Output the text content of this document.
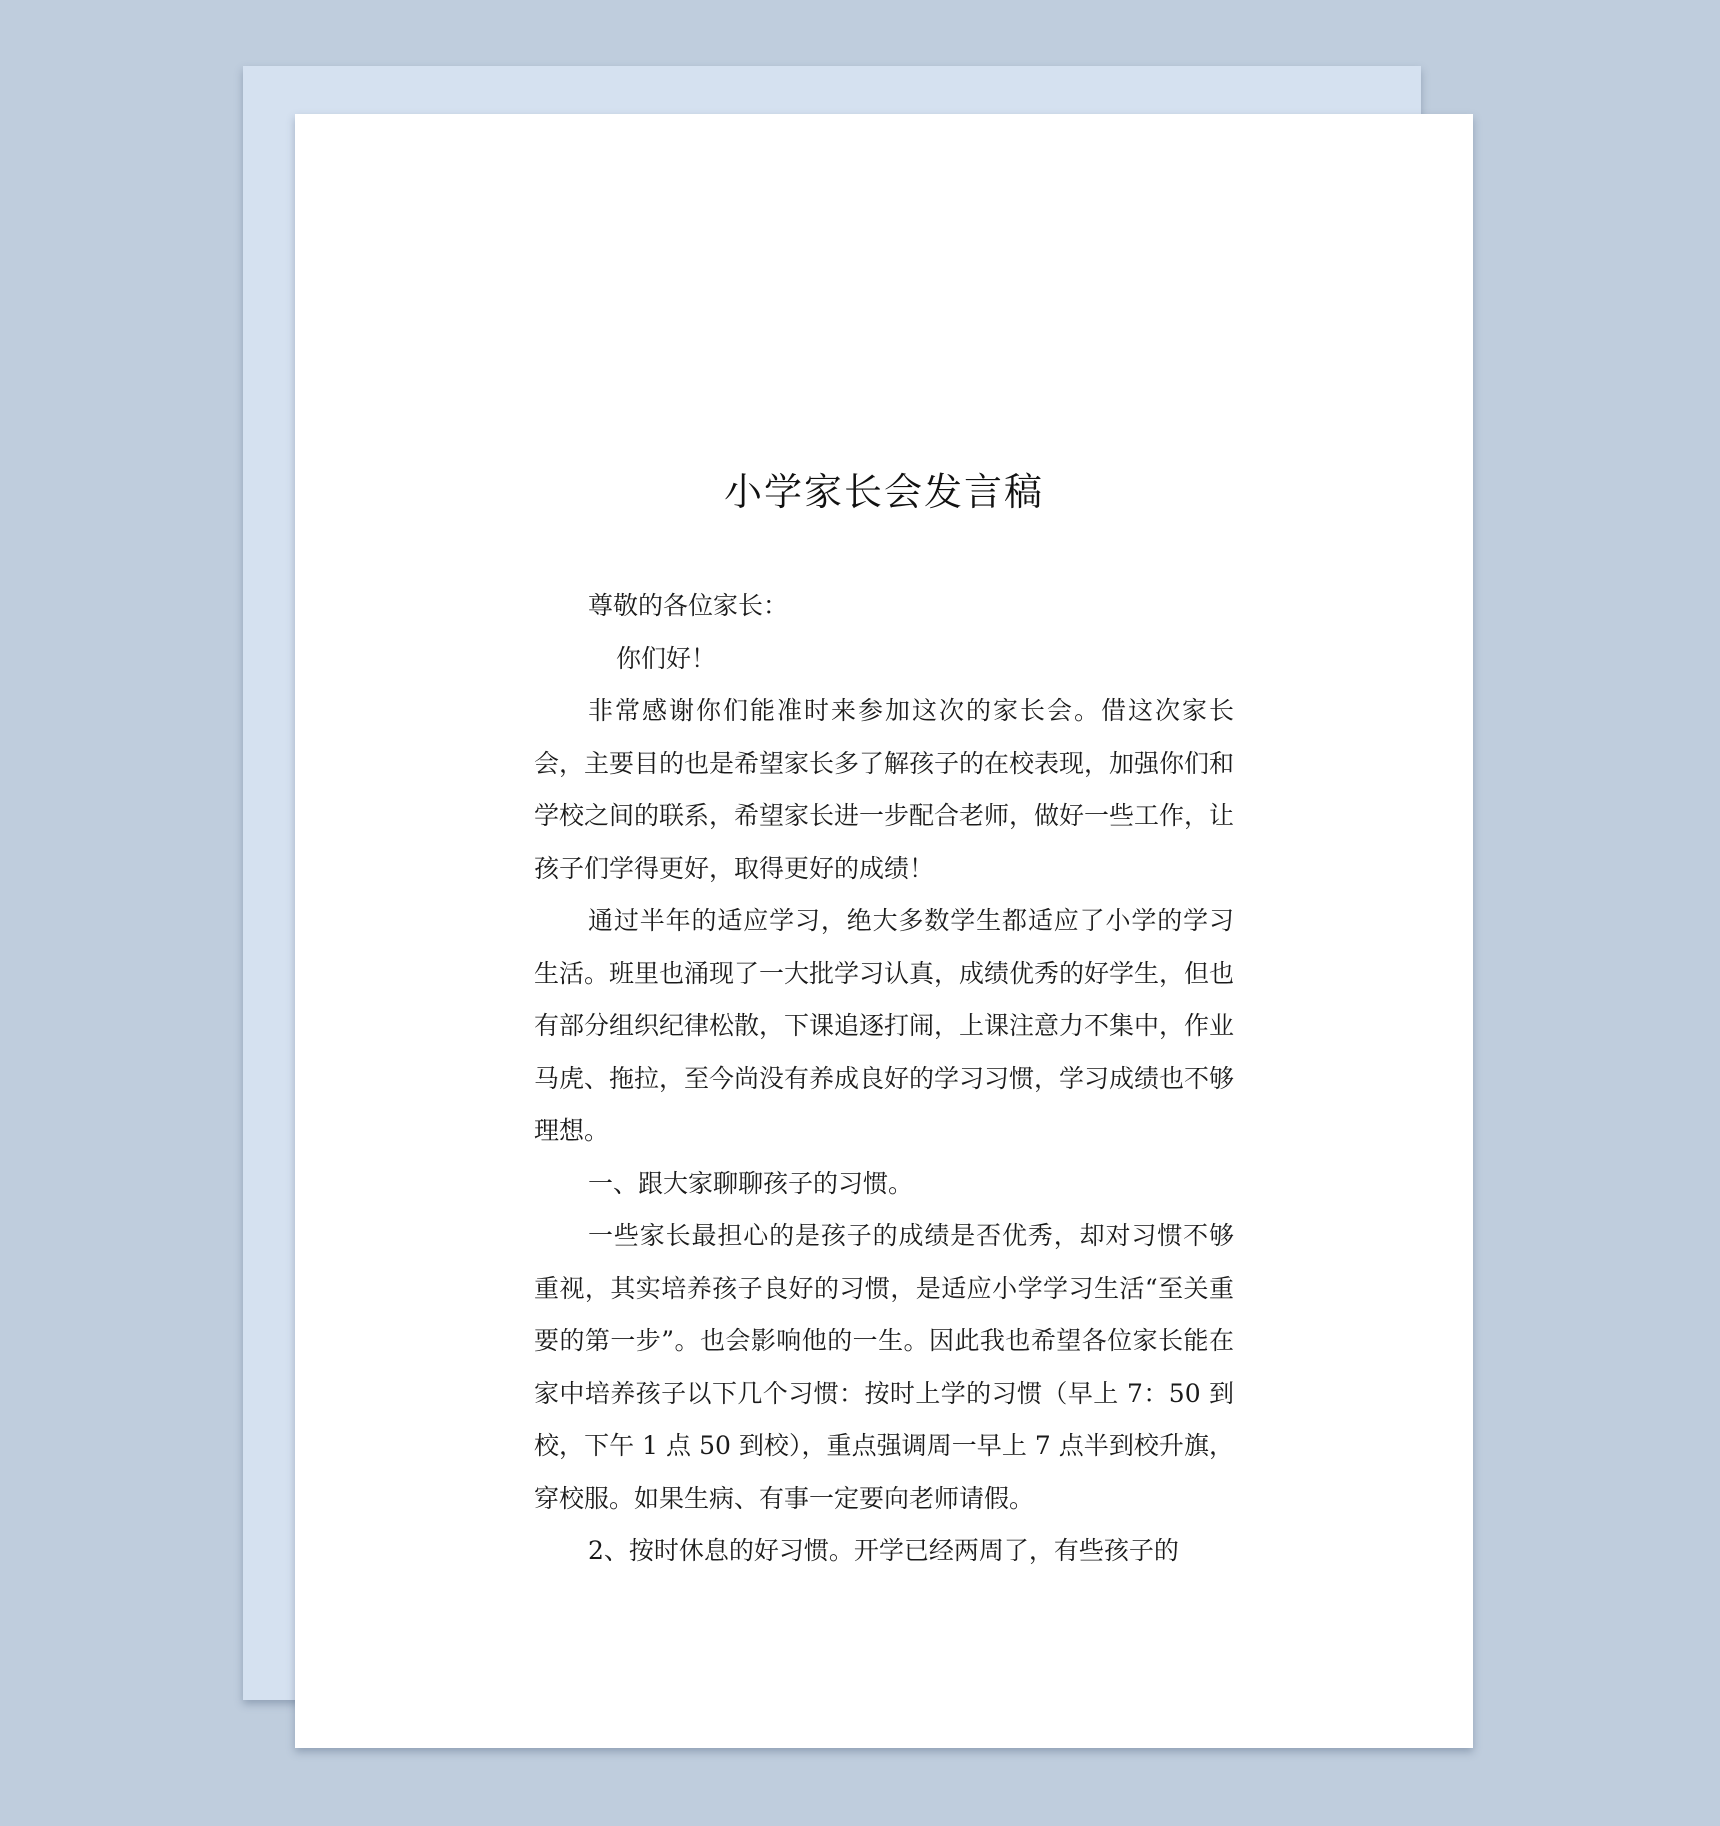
小学家长会发言稿

尊敬的各位家长：

你们好！

非常感谢你们能准时来参加这次的家长会。借这次家长会，主要目的也是希望家长多了解孩子的在校表现，加强你们和学校之间的联系，希望家长进一步配合老师，做好一些工作，让孩子们学得更好，取得更好的成绩！

通过半年的适应学习，绝大多数学生都适应了小学的学习生活。班里也涌现了一大批学习认真，成绩优秀的好学生，但也有部分组织纪律松散，下课追逐打闹，上课注意力不集中，作业马虎、拖拉，至今尚没有养成良好的学习习惯，学习成绩也不够理想。

一、跟大家聊聊孩子的习惯。

一些家长最担心的是孩子的成绩是否优秀，却对习惯不够重视，其实培养孩子良好的习惯，是适应小学学习生活“至关重要的第一步”。也会影响他的一生。因此我也希望各位家长能在家中培养孩子以下几个习惯：按时上学的习惯（早上 7：50 到校，下午 1 点 50 到校），重点强调周一早上 7 点半到校升旗，穿校服。如果生病、有事一定要向老师请假。

2、按时休息的好习惯。开学已经两周了，有些孩子的
